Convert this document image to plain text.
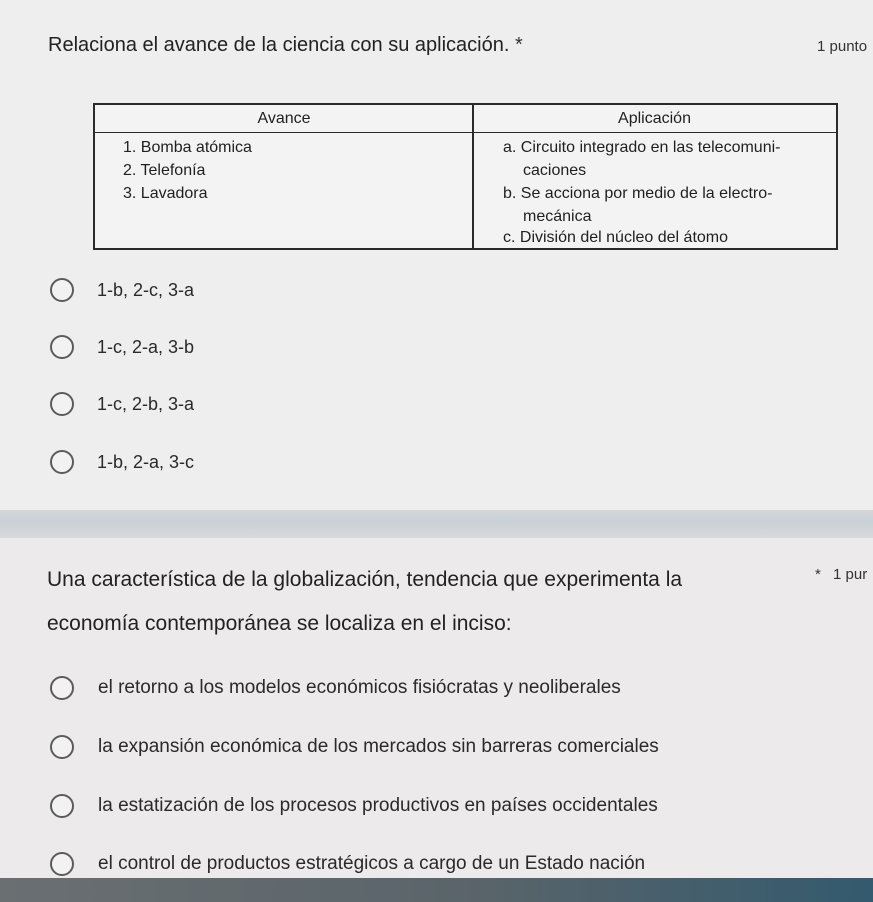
Relaciona el avance de la ciencia con su aplicación. *	1 punto
Avance	Aplicación
1. Bomba atómica
2. Telefonía
3. Lavadora
a. Circuito integrado en las telecomuni-
caciones
b. Se acciona por medio de la electro-
mecánica
c. División del núcleo del átomo
1-b, 2-c, 3-a
1-c, 2-a, 3-b
1-c, 2-b, 3-a
1-b, 2-a, 3-c
Una característica de la globalización, tendencia que experimenta la
economía contemporánea se localiza en el inciso:
* 1 pur
el retorno a los modelos económicos fisiócratas y neoliberales
la expansión económica de los mercados sin barreras comerciales
la estatización de los procesos productivos en países occidentales
el control de productos estratégicos a cargo de un Estado nación
